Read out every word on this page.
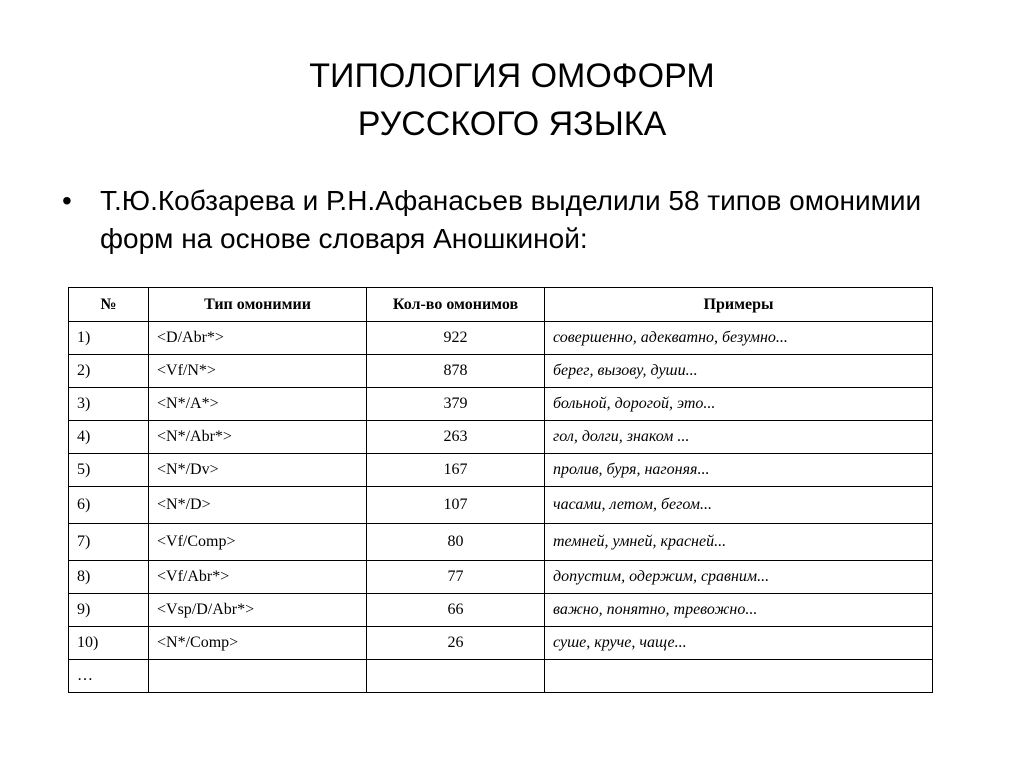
ТИПОЛОГИЯ ОМОФОРМ
РУССКОГО ЯЗЫКА
• Т.Ю.Кобзарева и Р.Н.Афанасьев выделили 58 типов омонимии форм на основе словаря Аношкиной:
№	Тип омонимии	Кол-во омонимов	Примеры
1)	<D/Abr*>	922	совершенно, адекватно, безумно...
2)	<Vf/N*>	878	берег, вызову, души...
3)	<N*/A*>	379	больной, дорогой, это...
4)	<N*/Abr*>	263	гол, долги, знаком ...
5)	<N*/Dv>	167	пролив, буря, нагоняя...
6)	<N*/D>	107	часами, летом, бегом...
7)	<Vf/Comp>	80	темней, умней, красней...
8)	<Vf/Abr*>	77	допустим, одержим, сравним...
9)	<Vsp/D/Abr*>	66	важно, понятно, тревожно...
10)	<N*/Comp>	26	суше, круче, чаще...
…			
